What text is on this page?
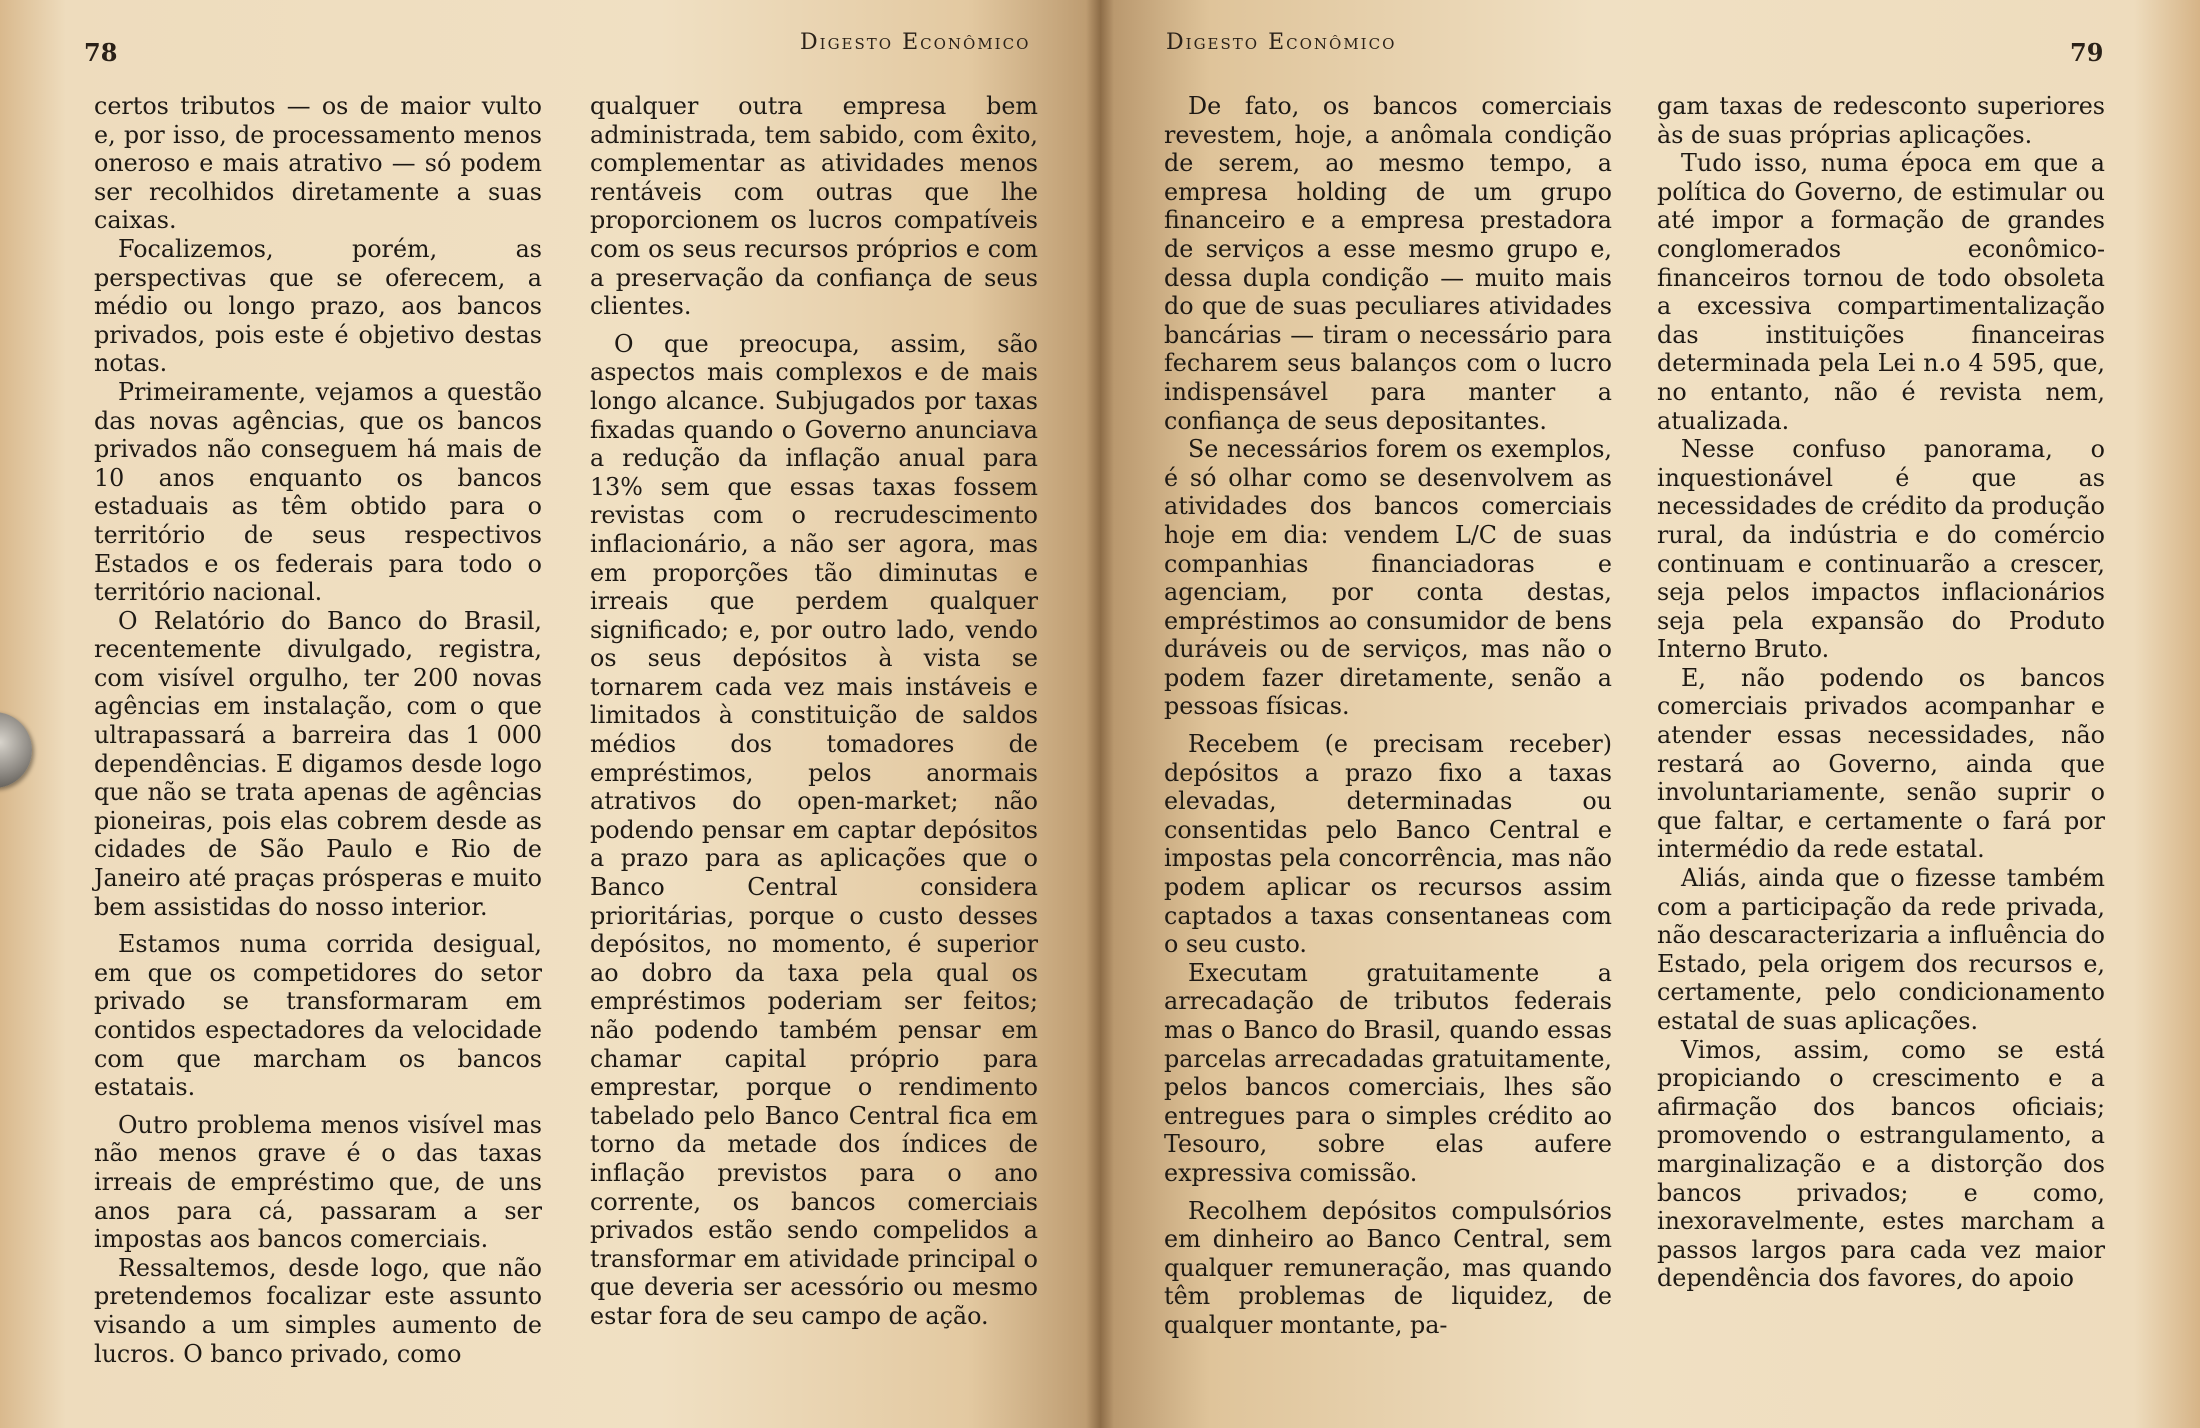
78	Digesto Econômico

certos tributos — os de maior vulto e, por isso, de processamento menos oneroso e mais atrativo — só podem ser recolhidos diretamente a suas caixas.

Focalizemos, porém, as perspectivas que se oferecem, a médio ou longo prazo, aos bancos privados, pois este é objetivo destas notas.

Primeiramente, vejamos a questão das novas agências, que os bancos privados não conseguem há mais de 10 anos enquanto os bancos estaduais as têm obtido para o território de seus respectivos Estados e os federais para todo o território nacional.

O Relatório do Banco do Brasil, recentemente divulgado, registra, com visível orgulho, ter 200 novas agências em instalação, com o que ultrapassará a barreira das 1 000 dependências. E digamos desde logo que não se trata apenas de agências pioneiras, pois elas cobrem desde as cidades de São Paulo e Rio de Janeiro até praças prósperas e muito bem assistidas do nosso interior.

Estamos numa corrida desigual, em que os competidores do setor privado se transformaram em contidos espectadores da velocidade com que marcham os bancos estatais.

Outro problema menos visível mas não menos grave é o das taxas irreais de empréstimo que, de uns anos para cá, passaram a ser impostas aos bancos comerciais.

Ressaltemos, desde logo, que não pretendemos focalizar este assunto visando a um simples aumento de lucros. O banco privado, como

qualquer outra empresa bem administrada, tem sabido, com êxito, complementar as atividades menos rentáveis com outras que lhe proporcionem os lucros compatíveis com os seus recursos próprios e com a preservação da confiança de seus clientes.

O que preocupa, assim, são aspectos mais complexos e de mais longo alcance. Subjugados por taxas fixadas quando o Governo anunciava a redução da inflação anual para 13% sem que essas taxas fossem revistas com o recrudescimento inflacionário, a não ser agora, mas em proporções tão diminutas e irreais que perdem qualquer significado; e, por outro lado, vendo os seus depósitos à vista se tornarem cada vez mais instáveis e limitados à constituição de saldos médios dos tomadores de empréstimos, pelos anormais atrativos do open-market; não podendo pensar em captar depósitos a prazo para as aplicações que o Banco Central considera prioritárias, porque o custo desses depósitos, no momento, é superior ao dobro da taxa pela qual os empréstimos poderiam ser feitos; não podendo também pensar em chamar capital próprio para emprestar, porque o rendimento tabelado pelo Banco Central fica em torno da metade dos índices de inflação previstos para o ano corrente, os bancos comerciais privados estão sendo compelidos a transformar em atividade principal o que deveria ser acessório ou mesmo estar fora de seu campo de ação.

Digesto Econômico	79

De fato, os bancos comerciais revestem, hoje, a anômala condição de serem, ao mesmo tempo, a empresa holding de um grupo financeiro e a empresa prestadora de serviços a esse mesmo grupo e, dessa dupla condição — muito mais do que de suas peculiares atividades bancárias — tiram o necessário para fecharem seus balanços com o lucro indispensável para manter a confiança de seus depositantes.

Se necessários forem os exemplos, é só olhar como se desenvolvem as atividades dos bancos comerciais hoje em dia: vendem L/C de suas companhias financiadoras e agenciam, por conta destas, empréstimos ao consumidor de bens duráveis ou de serviços, mas não o podem fazer diretamente, senão a pessoas físicas.

Recebem (e precisam receber) depósitos a prazo fixo a taxas elevadas, determinadas ou consentidas pelo Banco Central e impostas pela concorrência, mas não podem aplicar os recursos assim captados a taxas consentaneas com o seu custo.

Executam gratuitamente a arrecadação de tributos federais mas o Banco do Brasil, quando essas parcelas arrecadadas gratuitamente, pelos bancos comerciais, lhes são entregues para o simples crédito ao Tesouro, sobre elas aufere expressiva comissão.

Recolhem depósitos compulsórios em dinheiro ao Banco Central, sem qualquer remuneração, mas quando têm problemas de liquidez, de qualquer montante, pa-

gam taxas de redesconto superiores às de suas próprias aplicações.

Tudo isso, numa época em que a política do Governo, de estimular ou até impor a formação de grandes conglomerados econômico-financeiros tornou de todo obsoleta a excessiva compartimentalização das instituições financeiras determinada pela Lei n.o 4 595, que, no entanto, não é revista nem, atualizada.

Nesse confuso panorama, o inquestionável é que as necessidades de crédito da produção rural, da indústria e do comércio continuam e continuarão a crescer, seja pelos impactos inflacionários seja pela expansão do Produto Interno Bruto.

E, não podendo os bancos comerciais privados acompanhar e atender essas necessidades, não restará ao Governo, ainda que involuntariamente, senão suprir o que faltar, e certamente o fará por intermédio da rede estatal.

Aliás, ainda que o fizesse também com a participação da rede privada, não descaracterizaria a influência do Estado, pela origem dos recursos e, certamente, pelo condicionamento estatal de suas aplicações.

Vimos, assim, como se está propiciando o crescimento e a afirmação dos bancos oficiais; promovendo o estrangulamento, a marginalização e a distorção dos bancos privados; e como, inexoravelmente, estes marcham a passos largos para cada vez maior dependência dos favores, do apoio
